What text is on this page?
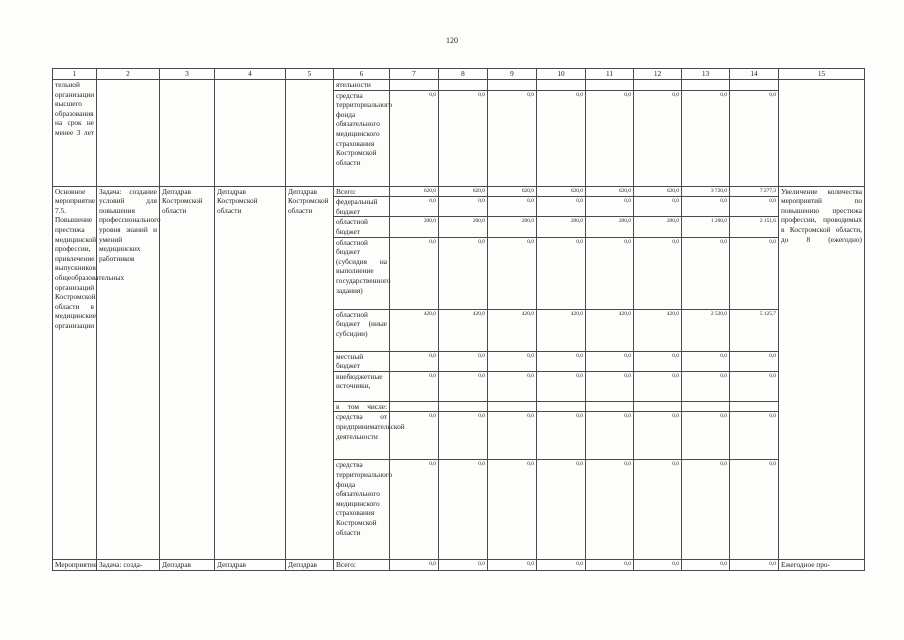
120
1	2	3	4	5	6	7	8	9	10	11	12	13	14	15
тельной организации высшего образования на срок не менее 3 лет					ятельности									
					средства территориального фонда обязательного медицинского страхования Костромской области	0,0	0,0	0,0	0,0	0,0	0,0	0,0	0,0	
Основное мероприятие 7.5. Повышение престижа медицинской профессии, привлечение выпускников общеобразовательных организаций Костромской области в медицинские организации	Задача: создание условий для повышения профессионального уровня знаний и умений медицинских работников	Депздрав Костромской области	Депздрав Костромской области	Депздрав Костромской области	Всего:	620,0	620,0	620,0	620,0	620,0	620,0	3 720,0	7 277,3	Увеличение количества мероприятий по повышению престижа профессии, проводимых в Костромской области, до 8 (ежегодно)
					федеральный бюджет	0,0	0,0	0,0	0,0	0,0	0,0	0,0	0,0	
					областной бюджет	200,0	200,0	200,0	200,0	200,0	200,0	1 200,0	2 151,6	
					областной бюджет (субсидия на выполнение государственного задания)	0,0	0,0	0,0	0,0	0,0	0,0	0,0	0,0	
					областной бюджет (иные субсидии)	420,0	420,0	420,0	420,0	420,0	420,0	2 520,0	5 125,7	
					местный бюджет	0,0	0,0	0,0	0,0	0,0	0,0	0,0	0,0	
					внебюджетные источники,	0,0	0,0	0,0	0,0	0,0	0,0	0,0	0,0	
					в том числе:									
					средства от предпринимательской деятельности	0,0	0,0	0,0	0,0	0,0	0,0	0,0	0,0	
					средства территориального фонда обязательного медицинского страхования Костромской области	0,0	0,0	0,0	0,0	0,0	0,0	0,0	0,0	
Мероприятие	Задача: созда-	Депздрав	Депздрав	Депздрав	Всего:	0,0	0,0	0,0	0,0	0,0	0,0	0,0	0,0	Ежегодное про-
